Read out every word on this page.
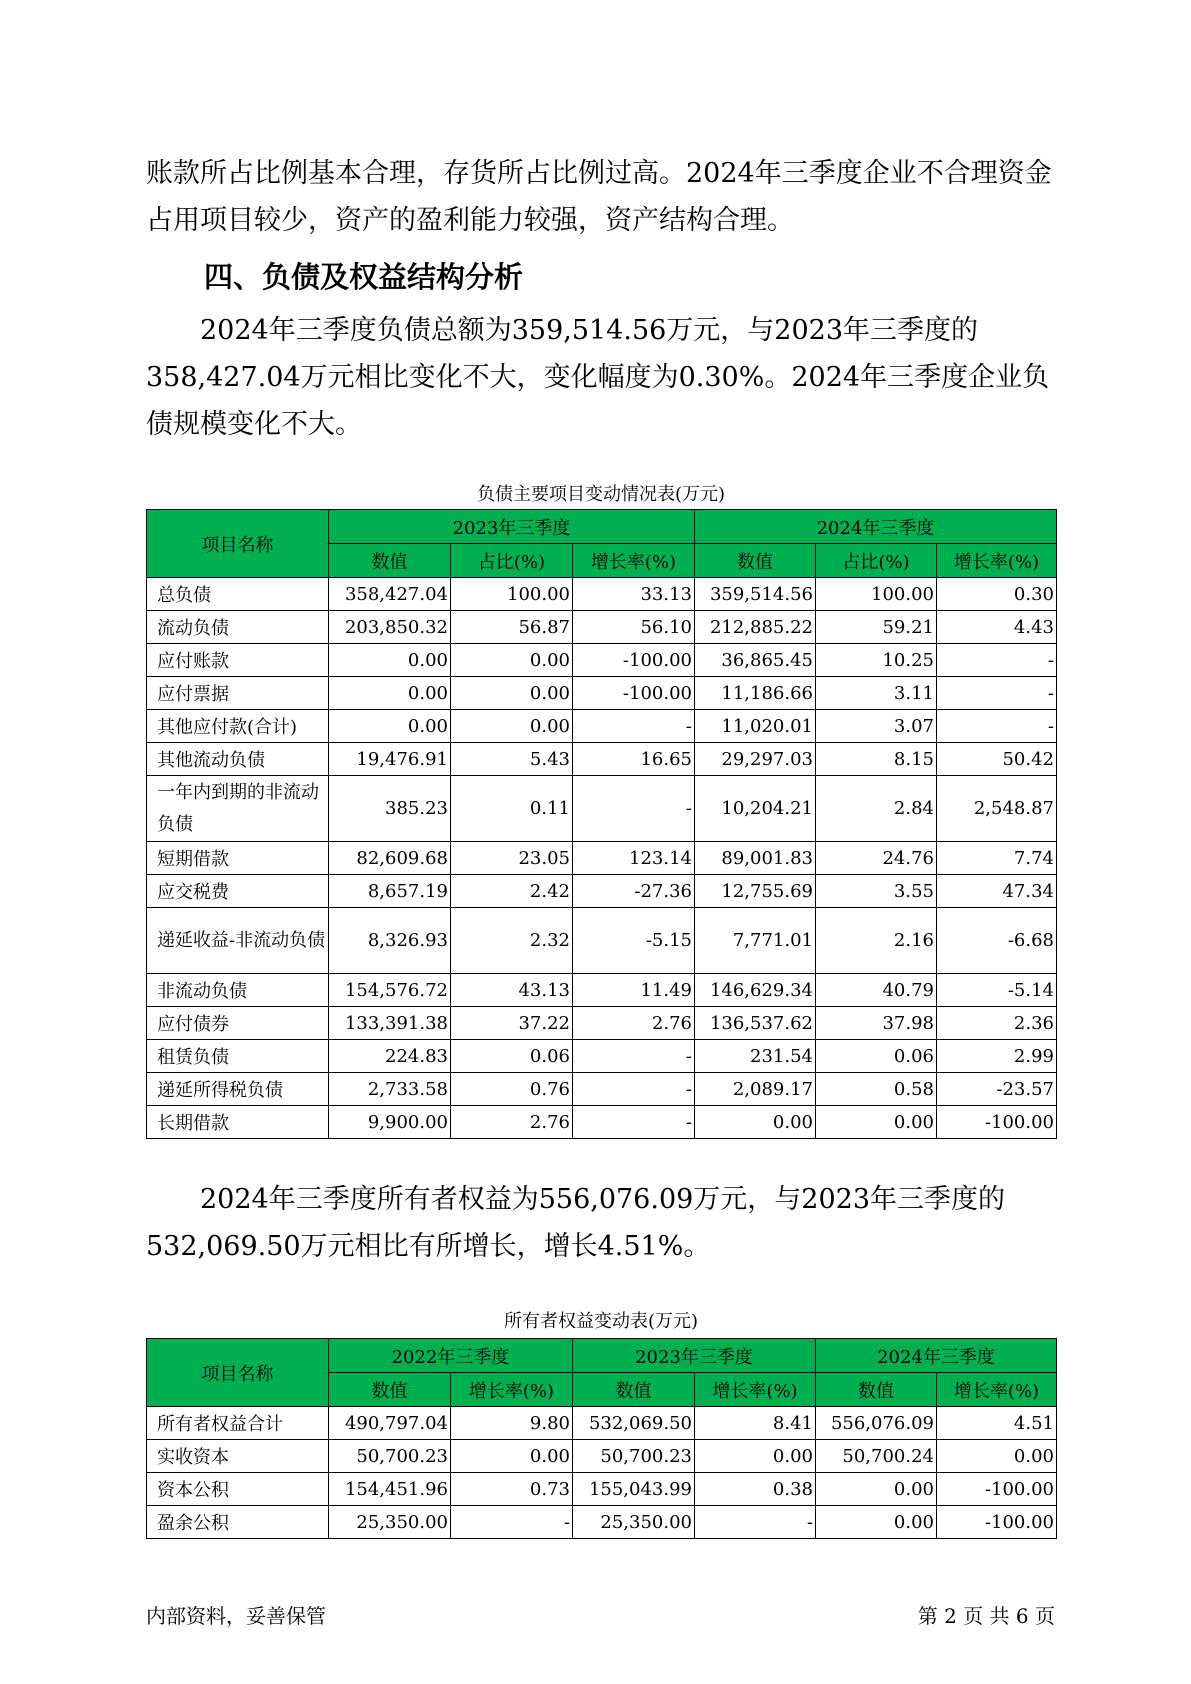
账款所占比例基本合理，存货所占比例过高。2024年三季度企业不合理资金占用项目较少，资产的盈利能力较强，资产结构合理。

四、负债及权益结构分析

2024年三季度负债总额为359,514.56万元，与2023年三季度的358,427.04万元相比变化不大，变化幅度为0.30%。2024年三季度企业负债规模变化不大。

负债主要项目变动情况表(万元)

项目名称	2023年三季度			2024年三季度		
	数值	占比(%)	增长率(%)	数值	占比(%)	增长率(%)
总负债	358,427.04	100.00	33.13	359,514.56	100.00	0.30
流动负债	203,850.32	56.87	56.10	212,885.22	59.21	4.43
应付账款	0.00	0.00	-100.00	36,865.45	10.25	-
应付票据	0.00	0.00	-100.00	11,186.66	3.11	-
其他应付款(合计)	0.00	0.00	-	11,020.01	3.07	-
其他流动负债	19,476.91	5.43	16.65	29,297.03	8.15	50.42
一年内到期的非流动负债	385.23	0.11	-	10,204.21	2.84	2,548.87
短期借款	82,609.68	23.05	123.14	89,001.83	24.76	7.74
应交税费	8,657.19	2.42	-27.36	12,755.69	3.55	47.34
递延收益-非流动负债	8,326.93	2.32	-5.15	7,771.01	2.16	-6.68
非流动负债	154,576.72	43.13	11.49	146,629.34	40.79	-5.14
应付债券	133,391.38	37.22	2.76	136,537.62	37.98	2.36
租赁负债	224.83	0.06	-	231.54	0.06	2.99
递延所得税负债	2,733.58	0.76	-	2,089.17	0.58	-23.57
长期借款	9,900.00	2.76	-	0.00	0.00	-100.00

2024年三季度所有者权益为556,076.09万元，与2023年三季度的532,069.50万元相比有所增长，增长4.51%。

所有者权益变动表(万元)

项目名称	2022年三季度		2023年三季度		2024年三季度	
	数值	增长率(%)	数值	增长率(%)	数值	增长率(%)
所有者权益合计	490,797.04	9.80	532,069.50	8.41	556,076.09	4.51
实收资本	50,700.23	0.00	50,700.23	0.00	50,700.24	0.00
资本公积	154,451.96	0.73	155,043.99	0.38	0.00	-100.00
盈余公积	25,350.00	-	25,350.00	-	0.00	-100.00

内部资料，妥善保管	第 2 页 共 6 页
